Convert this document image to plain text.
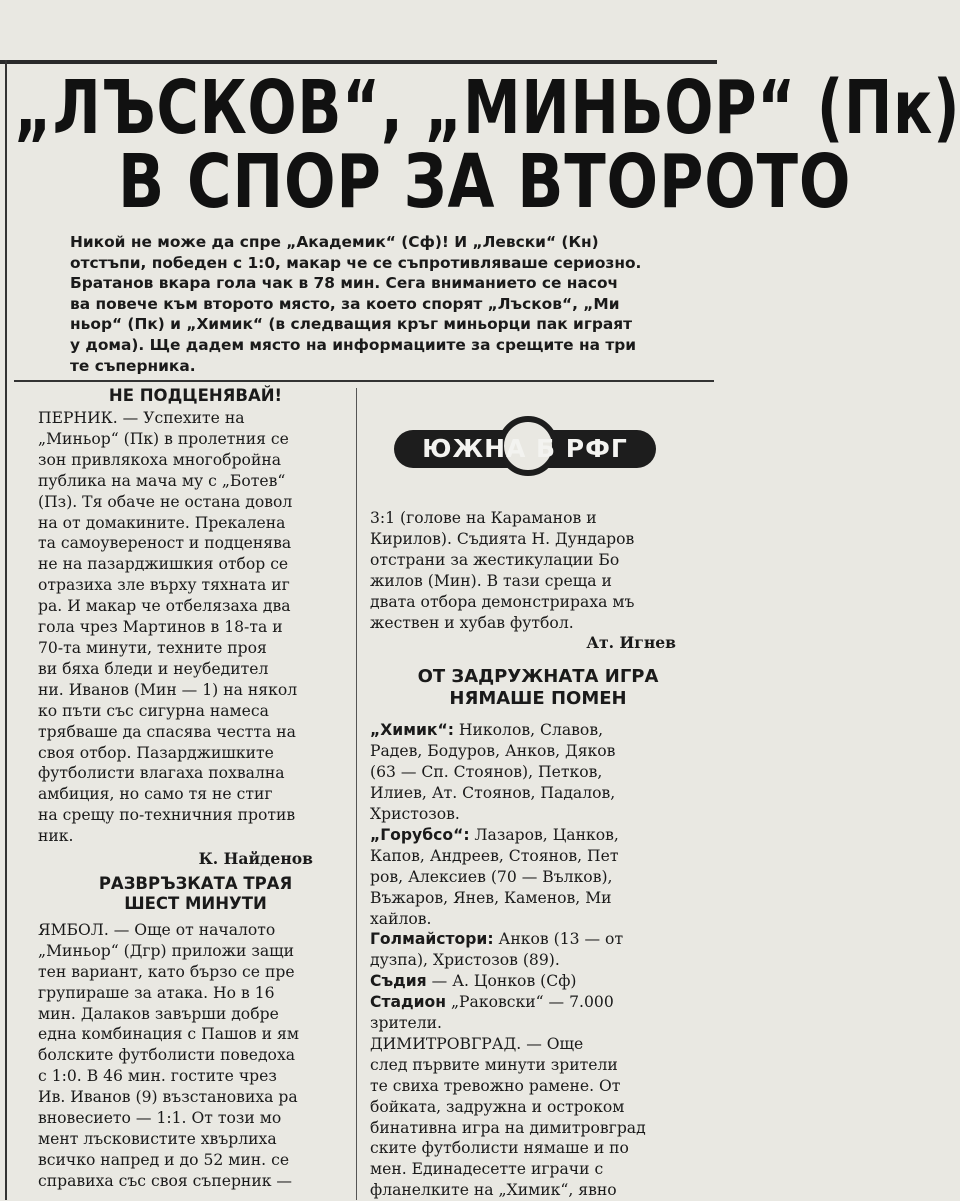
„ЛЪСКОВ“, „МИНЬОР“ (Пк)
В СПОР ЗА ВТОРОТО
Никой не може да спре „Академик“ (Сф)! И „Левски“ (Кн)
отстъпи, победен с 1:0, макар че се съпротивляваше сериозно.
Братанов вкара гола чак в 78 мин. Сега вниманието се насоч
ва повече към второто място, за което спорят „Лъсков“, „Ми
ньор“ (Пк) и „Химик“ (в следващия кръг миньорци пак играят
у дома). Ще дадем място на информациите за срещите на три
те съперника.
НЕ ПОДЦЕНЯВАЙ!

ПЕРНИК. — Успехите на
„Миньор“ (Пк) в пролетния се
зон привлякоха многобройна
публика на мача му с „Ботев“
(Пз). Тя обаче не остана довол
на от домакините. Прекалена
та самоувереност и подценява
не на пазарджишкия отбор се
отразиха зле върху тяхната иг
ра. И макар че отбелязаха два
гола чрез Мартинов в 18-та и
70-та минути, техните проя
ви бяха бледи и неубедител
ни. Иванов (Мин — 1) на някол
ко пъти със сигурна намеса
трябваше да спасява честта на
своя отбор. Пазарджишките
футболисти влагаха похвална
амбиция, но само тя не стиг
на срещу по-техничния против
ник.

К. Найденов
РАЗВРЪЗКАТА ТРАЯ
ШЕСТ МИНУТИ

ЯМБОЛ. — Още от началото
„Миньор“ (Дгр) приложи защи
тен вариант, като бързо се пре
групираше за атака. Но в 16
мин. Далаков завърши добре
една комбинация с Пашов и ям
болските футболисти поведоха
с 1:0. В 46 мин. гостите чрез
Ив. Иванов (9) възстановиха ра
вновесието — 1:1. От този мо
мент лъсковистите хвърлиха
всичко напред и до 52 мин. се
справиха със своя съперник —

ЮЖНА Б РФГ

3:1 (голове на Караманов и
Кирилов). Съдията Н. Дундаров
отстрани за жестикулации Бо
жилов (Мин). В тази среща и
двата отбора демонстрираха мъ
жествен и хубав футбол.

Ат. Игнев
ОТ ЗАДРУЖНАТА ИГРА
НЯМАШЕ ПОМЕН

„Химик“: Николов, Славов,
Радев, Бодуров, Анков, Дяков
(63 — Сп. Стоянов), Петков,
Илиев, Ат. Стоянов, Падалов,
Христозов.

„Горубсо“: Лазаров, Цанков,
Капов, Андреев, Стоянов, Пет
ров, Алексиев (70 — Вълков),
Въжаров, Янев, Каменов, Ми
хайлов.

Голмайстори: Анков (13 — от
дузпа), Христозов (89).

Съдия — А. Цонков (Сф)

Стадион „Раковски“ — 7.000
зрители.

ДИМИТРОВГРАД. — Още
след първите минути зрители
те свиха тревожно рамене. От
бойката, задружна и остроком
бинативна игра на димитровград
ските футболисти нямаше и по
мен. Единадесетте играчи с
фланелките на „Химик“, явно
